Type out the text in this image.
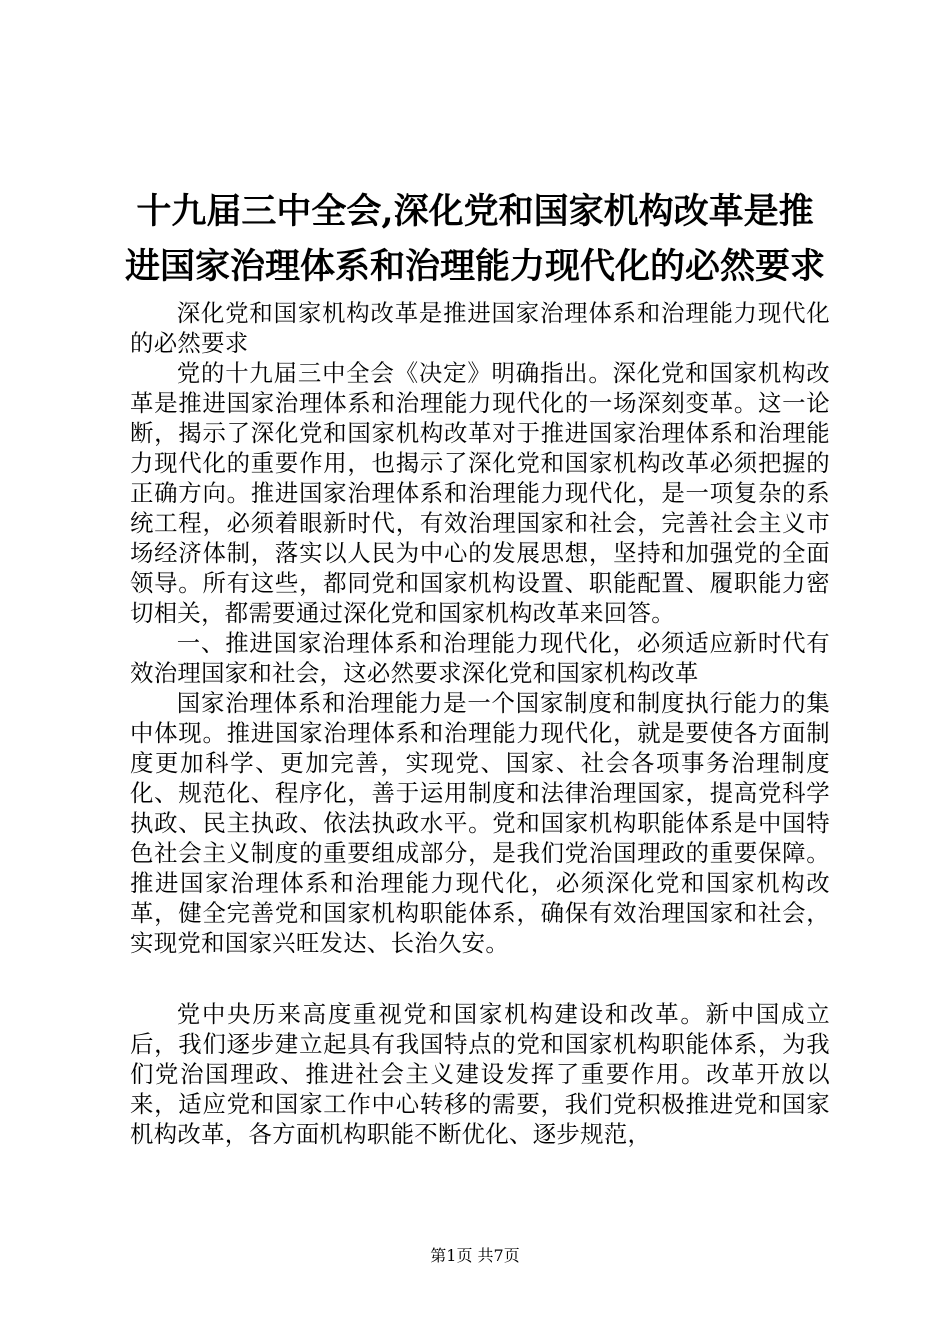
十九届三中全会,深化党和国家机构改革是推
进国家治理体系和治理能力现代化的必然要求

深化党和国家机构改革是推进国家治理体系和治理能力现代化的必然要求

党的十九届三中全会《决定》明确指出。深化党和国家机构改革是推进国家治理体系和治理能力现代化的一场深刻变革。这一论断，揭示了深化党和国家机构改革对于推进国家治理体系和治理能力现代化的重要作用，也揭示了深化党和国家机构改革必须把握的正确方向。推进国家治理体系和治理能力现代化，是一项复杂的系统工程，必须着眼新时代，有效治理国家和社会，完善社会主义市场经济体制，落实以人民为中心的发展思想，坚持和加强党的全面领导。所有这些，都同党和国家机构设置、职能配置、履职能力密切相关，都需要通过深化党和国家机构改革来回答。

一、推进国家治理体系和治理能力现代化，必须适应新时代有效治理国家和社会，这必然要求深化党和国家机构改革

国家治理体系和治理能力是一个国家制度和制度执行能力的集中体现。推进国家治理体系和治理能力现代化，就是要使各方面制度更加科学、更加完善，实现党、国家、社会各项事务治理制度化、规范化、程序化，善于运用制度和法律治理国家，提高党科学执政、民主执政、依法执政水平。党和国家机构职能体系是中国特色社会主义制度的重要组成部分，是我们党治国理政的重要保障。推进国家治理体系和治理能力现代化，必须深化党和国家机构改革，健全完善党和国家机构职能体系，确保有效治理国家和社会，实现党和国家兴旺发达、长治久安。

党中央历来高度重视党和国家机构建设和改革。新中国成立后，我们逐步建立起具有我国特点的党和国家机构职能体系，为我们党治国理政、推进社会主义建设发挥了重要作用。改革开放以来，适应党和国家工作中心转移的需要，我们党积极推进党和国家机构改革，各方面机构职能不断优化、逐步规范，

第1页 共7页
